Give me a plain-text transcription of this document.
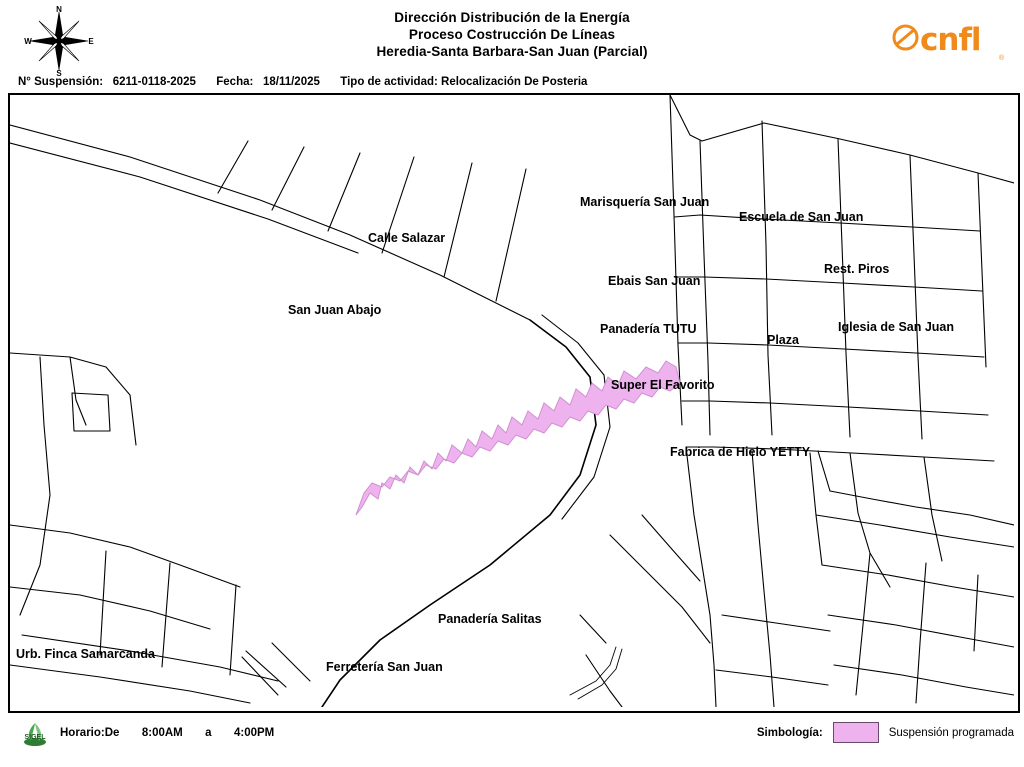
N
S
E
W
Dirección Distribución de la Energía
Proceso Costrucción De Líneas
Heredia-Santa Barbara-San Juan (Parcial)	cnfl
®
N° Suspensión: 6211-0118-2025 Fecha: 18/11/2025 Tipo de actividad: Relocalización De Posteria
Calle Salazar
San Juan Abajo
Marisquería San Juan
Escuela de San Juan
Rest. Piros
Ebais San Juan
Panadería TUTU
Plaza
Iglesia de San Juan
Super El Favorito
Fabrica de Hielo YETTY
Panadería Salitas
Ferretería San Juan
Urb. Finca Samarcanda
SIGEL Horario:De 8:00AM a 4:00PM	Simbología:	Suspensión programada
